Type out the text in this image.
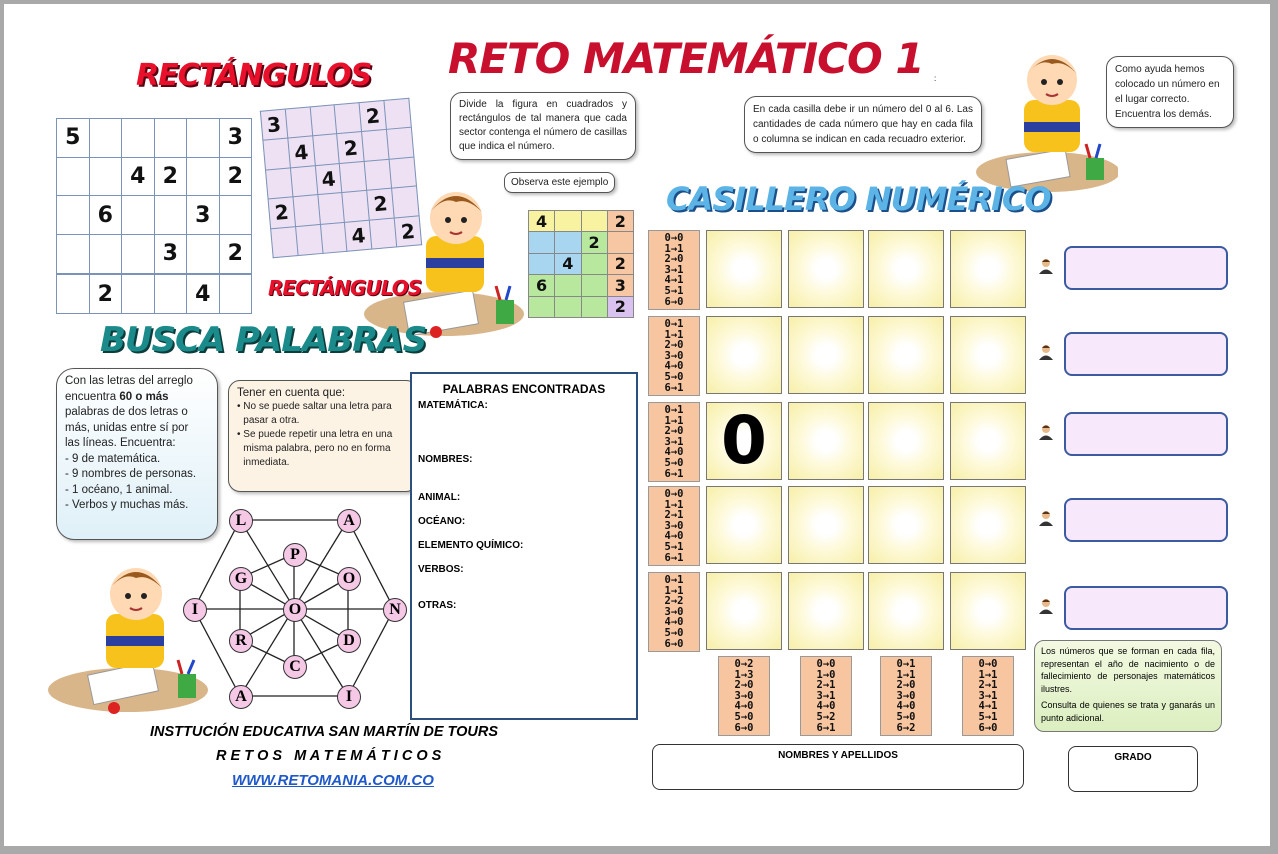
RETO MATEMÁTICO 1 :
RECTÁNGULOS
5					3
		4	2		2
	6			3	
			3		2

	2			4	
3				2	
	4		2		
		4			
2				2	
			4		2
Divide la figura en cuadrados y rectángulos de tal manera que cada sector contenga el número de casillas que indica el número.
Observa este ejemplo
4			2
		2	
	4		2
6			3
			2
RECTÁNGULOS
BUSCA PALABRAS
Con las letras del arreglo
encuentra 60 o más
palabras de dos letras o
más, unidas entre sí por
las líneas. Encuentra:
- 9 de matemática.
- 9 nombres de personas.
- 1 océano, 1 animal.
- Verbos y muchas más.
Tener en cuenta que:
• No se puede saltar una letra para pasar a otra.
• Se puede repetir una letra en una misma palabra, pero no en forma inmediata.
L	A
P
G	O
I	O	N
R	D
C
A	I
PALABRAS ENCONTRADAS
MATEMÁTICA:
NOMBRES:
ANIMAL:
OCÉANO:
ELEMENTO QUÍMICO:
VERBOS:
OTRAS:
INSTTUCIÓN EDUCATIVA SAN MARTÍN DE TOURS
R E T O S   M A T E M Á T I C O S
WWW.RETOMANIA.COM.CO
En cada casilla debe ir un número del 0 al 6. Las cantidades de cada número que hay en cada fila o columna se indican en cada recuadro exterior.
Como ayuda hemos colocado un número en el lugar correcto. Encuentra los demás.
CASILLERO NUMÉRICO
0→0
1→1
2→0
3→1
4→1
5→1
6→0
0→1
1→1
2→0
3→0
4→0
5→0
6→1
0→1
1→1
2→0
3→1
4→0
5→0
6→1
0→0
1→1
2→1
3→0
4→0
5→1
6→1
0→1
1→1
2→2
3→0
4→0
5→0
6→0
0
0→2
1→3
2→0
3→0
4→0
5→0
6→0
0→0
1→0
2→1
3→1
4→0
5→2
6→1
0→1
1→1
2→0
3→0
4→0
5→0
6→2
0→0
1→1
2→1
3→1
4→1
5→1
6→0
Los números que se forman en cada fila, representan el año de nacimiento o de fallecimiento de personajes matemáticos ilustres.
Consulta de quienes se trata y ganarás un punto adicional.
NOMBRES Y APELLIDOS	GRADO
